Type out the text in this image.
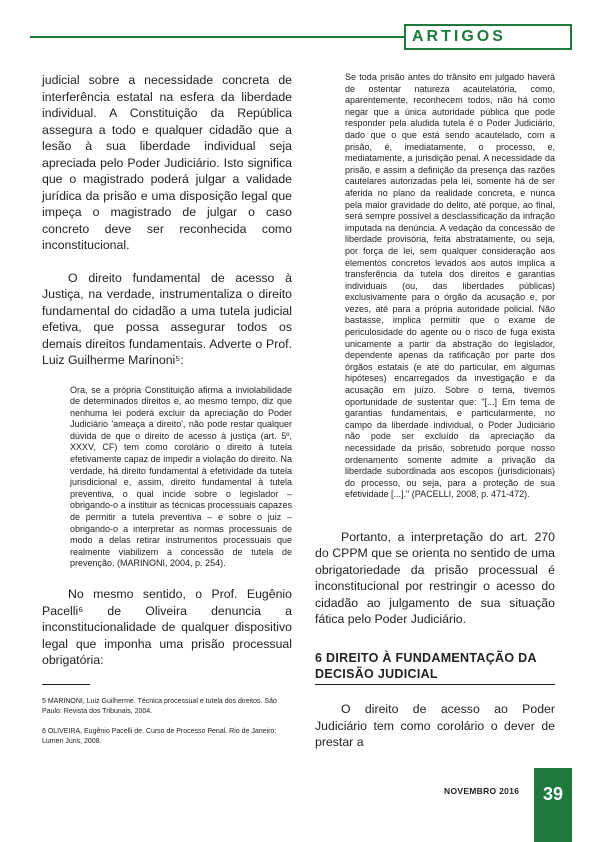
ARTIGOS

judicial sobre a necessidade concreta de interferência estatal na esfera da liberdade individual. A Constituição da República assegura a todo e qualquer cidadão que a lesão à sua liberdade individual seja apreciada pelo Poder Judiciário. Isto significa que o magistrado poderá julgar a validade jurídica da prisão e uma disposição legal que impeça o magistrado de julgar o caso concreto deve ser reconhecida como inconstitucional.

O direito fundamental de acesso à Justiça, na verdade, instrumentaliza o direito fundamental do cidadão a uma tutela judicial efetiva, que possa assegurar todos os demais direitos fundamentais. Adverte o Prof. Luiz Guilherme Marinoni⁵:

Ora, se a própria Constituição afirma a inviolabilidade de determinados direitos e, ao mesmo tempo, diz que nenhuma lei poderá excluir da apreciação do Poder Judiciário 'ameaça a direito', não pode restar qualquer dúvida de que o direito de acesso à justiça (art. 5º, XXXV, CF) tem como corolário o direito à tutela efetivamente capaz de impedir a violação do direito. Na verdade, há direito fundamental à efetividade da tutela jurisdicional e, assim, direito fundamental à tutela preventiva, o qual incide sobre o legislador – obrigando-o a instituir as técnicas processuais capazes de permitir a tutela preventiva – e sobre o juiz – obrigando-o a interpretar as normas processuais de modo a delas retirar instrumentos processuais que realmente viabilizem a concessão de tutela de prevenção. (MARINONI, 2004, p. 254).

No mesmo sentido, o Prof. Eugênio Pacelli⁶ de Oliveira denuncia a inconstitucionalidade de qualquer dispositivo legal que imponha uma prisão processual obrigatória:

5 MARINONI, Luiz Guilherme. Técnica processual e tutela dos direitos. São Paulo: Revista dos Tribunais, 2004.
6 OLIVEIRA, Eugênio Pacelli de. Curso de Processo Penal. Rio de Janeiro: Lumen Juris, 2008.

Se toda prisão antes do trânsito em julgado haverá de ostentar natureza acautelatória, como, aparentemente, reconhecem todos, não há como negar que a única autoridade pública que pode responder pela aludida tutela é o Poder Judiciário, dado que o que está sendo acautelado, com a prisão, é, imediatamente, o processo, e, mediatamente, a jurisdição penal. A necessidade da prisão, e assim a definição da presença das razões cautelares autorizadas pela lei, somente há de ser aferida no plano da realidade concreta, e nunca pela maior gravidade do delito, até porque, ao final, será sempre possível a desclassificação da infração imputada na denúncia. A vedação da concessão de liberdade provisória, feita abstratamente, ou seja, por força de lei, sem qualquer consideração aos elementos concretos levados aos autos implica a transferência da tutela dos direitos e garantias individuais (ou, das liberdades públicas) exclusivamente para o órgão da acusação e, por vezes, até para a própria autoridade policial. Não bastasse, implica permitir que o exame de periculosidade do agente ou o risco de fuga exista unicamente a partir da abstração do legislador, dependente apenas da ratificação por parte dos órgãos estatais (e até do particular, em algumas hipóteses) encarregados da investigação e da acusação em juízo. Sobre o tema, tivemos oportunidade de sustentar que: "[...] Em tema de garantias fundamentais, e particularmente, no campo da liberdade individual, o Poder Judiciário não pode ser excluído da apreciação da necessidade da prisão, sobretudo porque nosso ordenamento somente admite a privação da liberdade subordinada aos escopos (jurisdicionais) do processo, ou seja, para a proteção de sua efetividade [...]." (PACELLI, 2008, p. 471-472).

Portanto, a interpretação do art. 270 do CPPM que se orienta no sentido de uma obrigatoriedade da prisão processual é inconstitucional por restringir o acesso do cidadão ao julgamento de sua situação fática pelo Poder Judiciário.

6 DIREITO À FUNDAMENTAÇÃO DA DECISÃO JUDICIAL

O direito de acesso ao Poder Judiciário tem como corolário o dever de prestar a

NOVEMBRO 2016	39
